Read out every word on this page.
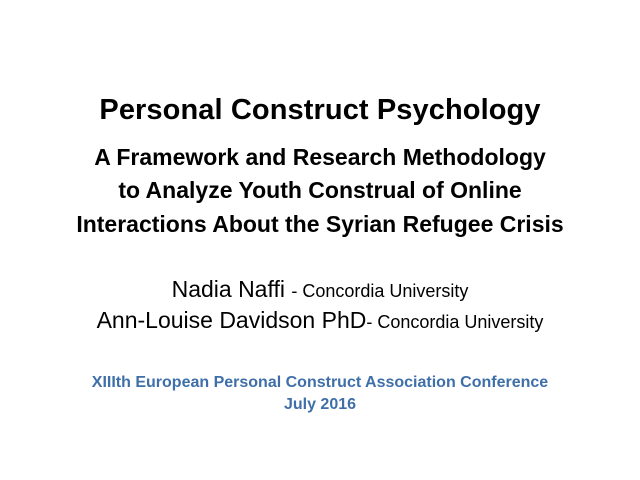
Personal Construct Psychology
A Framework and Research Methodology
to Analyze Youth Construal of Online
Interactions About the Syrian Refugee Crisis
Nadia Naffi - Concordia University
Ann-Louise Davidson PhD- Concordia University
XIIIth European Personal Construct Association Conference
July 2016
